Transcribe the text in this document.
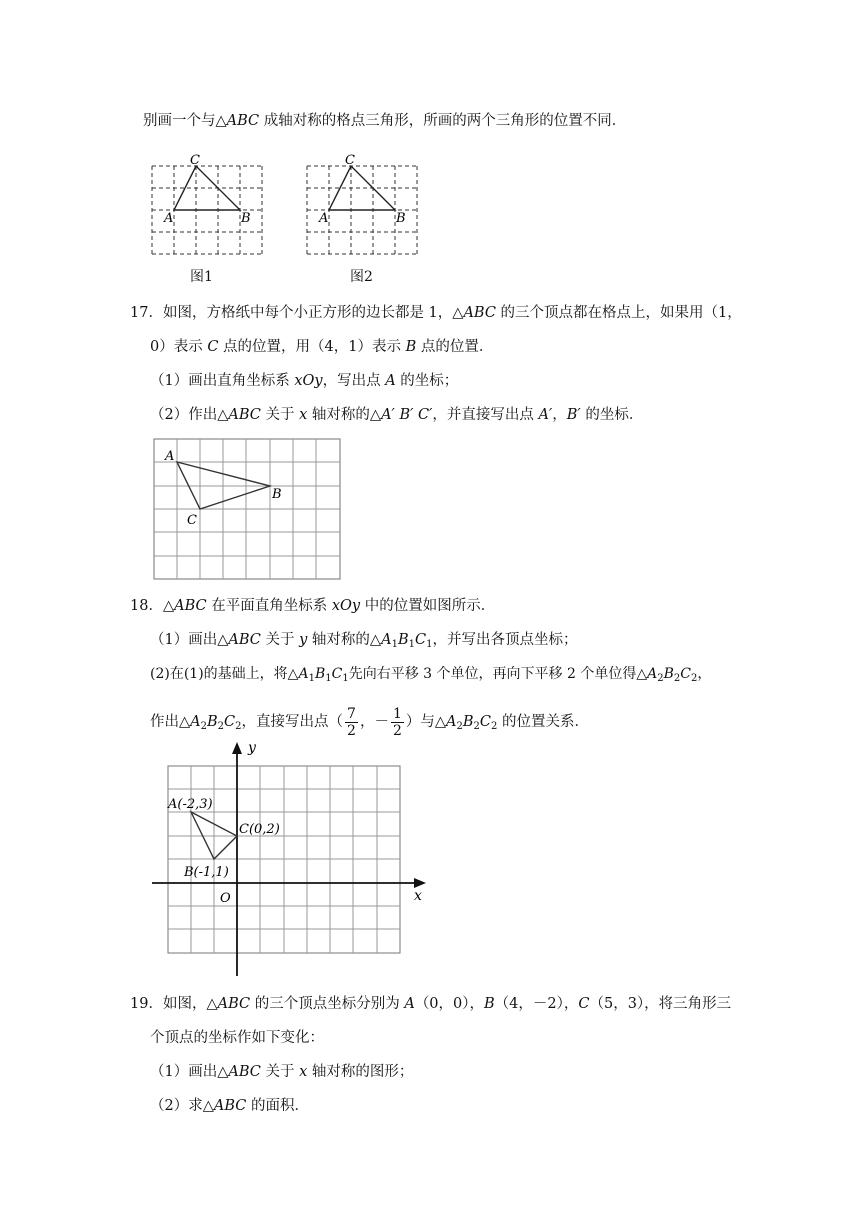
别画一个与△ABC 成轴对称的格点三角形，所画的两个三角形的位置不同．
C
A	B
图1
C
A	B
图2
17．如图，方格纸中每个小正方形的边长都是 1，△ABC 的三个顶点都在格点上，如果用（1，
0）表示 C 点的位置，用（4，1）表示 B 点的位置．
（1）画出直角坐标系 xOy，写出点 A 的坐标；
（2）作出△ABC 关于 x 轴对称的△A′ B′ C′，并直接写出点 A′，B′ 的坐标．
A
B
C
18．△ABC 在平面直角坐标系 xOy 中的位置如图所示．
（1）画出△ABC 关于 y 轴对称的$\triangle A_1B_1C_1$，并写出各顶点坐标；
(2)在(1)的基础上，将$\triangle A_1B_1C_1$先向右平移 3 个单位，再向下平移 2 个单位得$\triangle A_2B_2C_2$，
作出$\triangle A_2B_2C_2$，直接写出点（ $\frac{7}{2}$ ，－ $\frac{1}{2}$ ）与$\triangle A_2B_2C_2$ 的位置关系．
A(-2,3)
B(-1,1)
C(0,2)
O	x
y
19．如图，△ABC 的三个顶点坐标分别为 A（0，0），B（4，－2），C（5，3），将三角形三
个顶点的坐标作如下变化：
（1）画出△ABC 关于 x 轴对称的图形；
（2）求△ABC 的面积．
